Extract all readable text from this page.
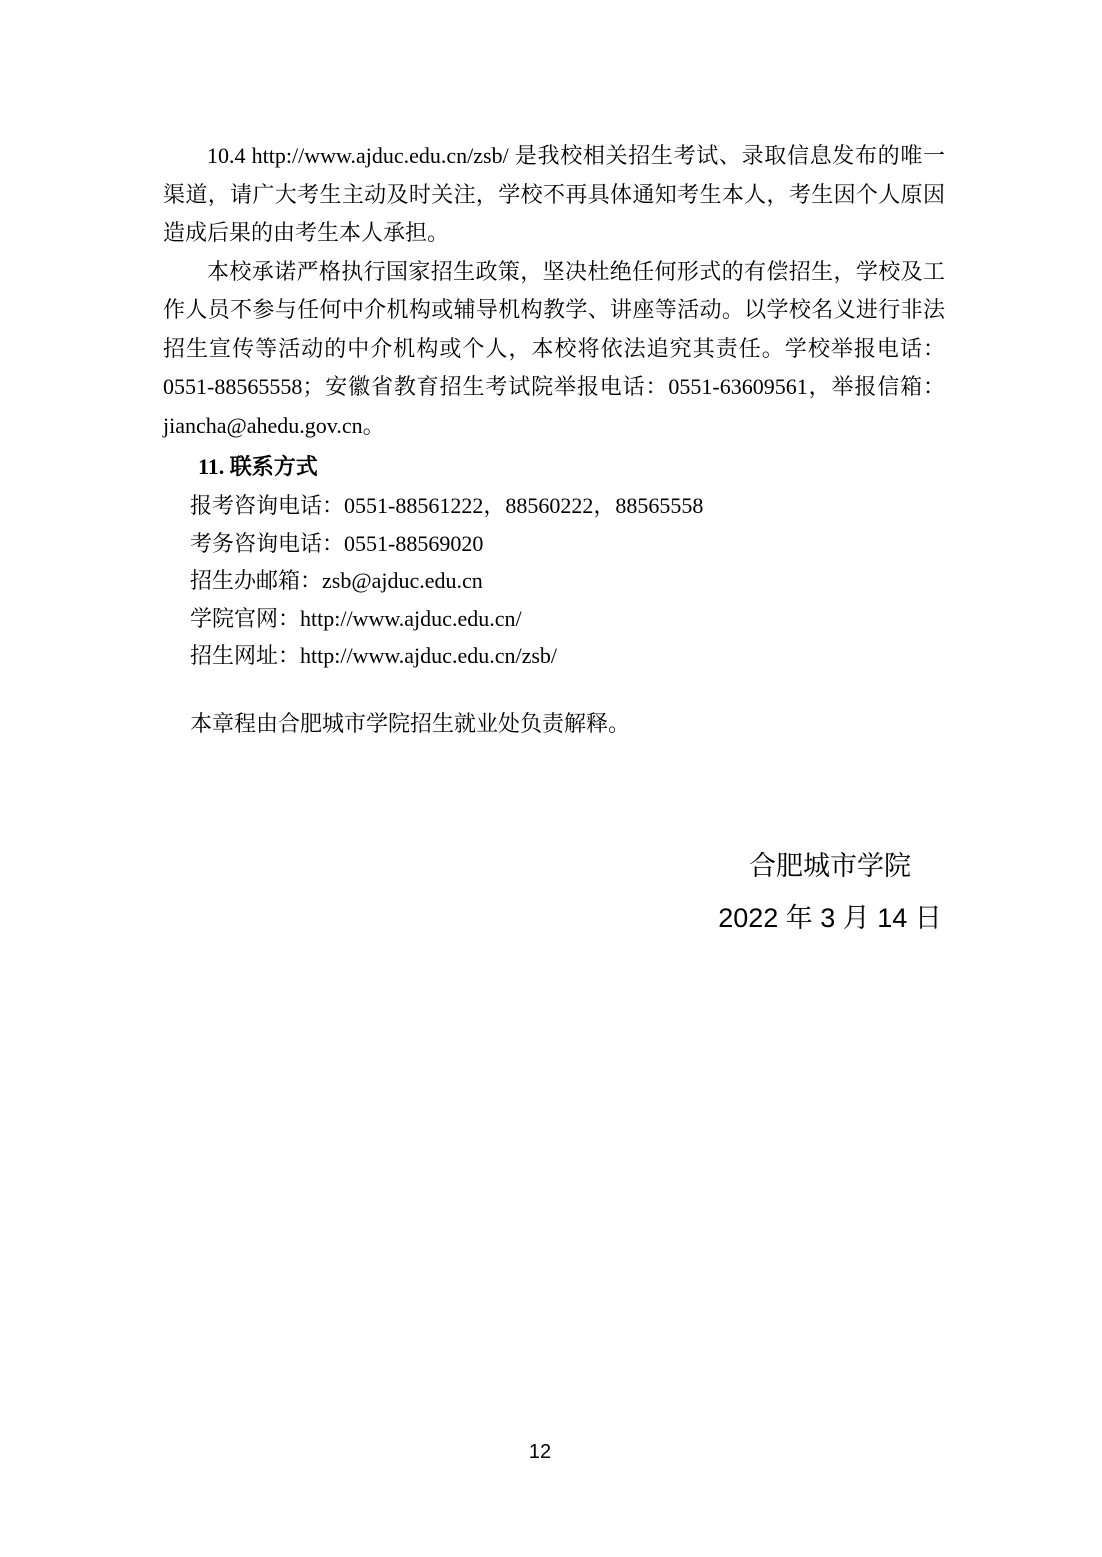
10.4 http://www.ajduc.edu.cn/zsb/ 是我校相关招生考试、录取信息发布的唯一渠道，请广大考生主动及时关注，学校不再具体通知考生本人，考生因个人原因造成后果的由考生本人承担。

本校承诺严格执行国家招生政策，坚决杜绝任何形式的有偿招生，学校及工作人员不参与任何中介机构或辅导机构教学、讲座等活动。以学校名义进行非法招生宣传等活动的中介机构或个人，本校将依法追究其责任。学校举报电话：0551-88565558；安徽省教育招生考试院举报电话：0551-63609561，举报信箱：jiancha@ahedu.gov.cn。

11. 联系方式
报考咨询电话：0551-88561222，88560222，88565558
考务咨询电话：0551-88569020
招生办邮箱：zsb@ajduc.edu.cn
学院官网：http://www.ajduc.edu.cn/
招生网址：http://www.ajduc.edu.cn/zsb/

本章程由合肥城市学院招生就业处负责解释。

合肥城市学院
2022 年 3 月 14 日
12
